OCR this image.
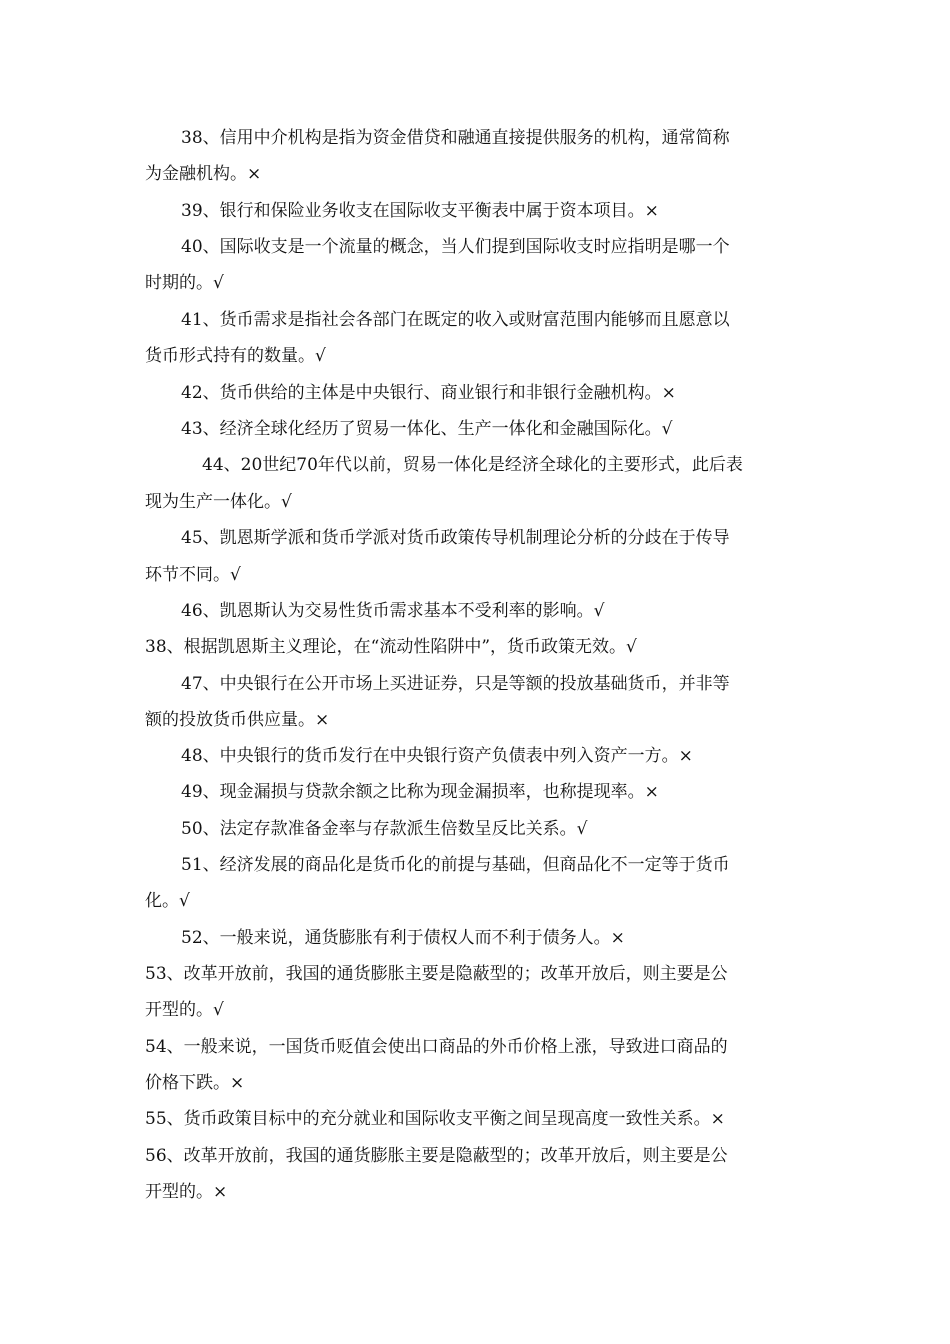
38、信用中介机构是指为资金借贷和融通直接提供服务的机构，通常简称
为金融机构。×
39、银行和保险业务收支在国际收支平衡表中属于资本项目。×
40、国际收支是一个流量的概念，当人们提到国际收支时应指明是哪一个
时期的。√
41、货币需求是指社会各部门在既定的收入或财富范围内能够而且愿意以
货币形式持有的数量。√
42、货币供给的主体是中央银行、商业银行和非银行金融机构。×
43、经济全球化经历了贸易一体化、生产一体化和金融国际化。√
44、20世纪70年代以前，贸易一体化是经济全球化的主要形式，此后表
现为生产一体化。√
45、凯恩斯学派和货币学派对货币政策传导机制理论分析的分歧在于传导
环节不同。√
46、凯恩斯认为交易性货币需求基本不受利率的影响。√
38、根据凯恩斯主义理论，在“流动性陷阱中”，货币政策无效。√
47、中央银行在公开市场上买进证券，只是等额的投放基础货币，并非等
额的投放货币供应量。×
48、中央银行的货币发行在中央银行资产负债表中列入资产一方。×
49、现金漏损与贷款余额之比称为现金漏损率，也称提现率。×
50、法定存款准备金率与存款派生倍数呈反比关系。√
51、经济发展的商品化是货币化的前提与基础，但商品化不一定等于货币
化。√
52、一般来说，通货膨胀有利于债权人而不利于债务人。×
53、改革开放前，我国的通货膨胀主要是隐蔽型的；改革开放后，则主要是公
开型的。√
54、一般来说，一国货币贬值会使出口商品的外币价格上涨，导致进口商品的
价格下跌。×
55、货币政策目标中的充分就业和国际收支平衡之间呈现高度一致性关系。×
56、改革开放前，我国的通货膨胀主要是隐蔽型的；改革开放后，则主要是公
开型的。×
